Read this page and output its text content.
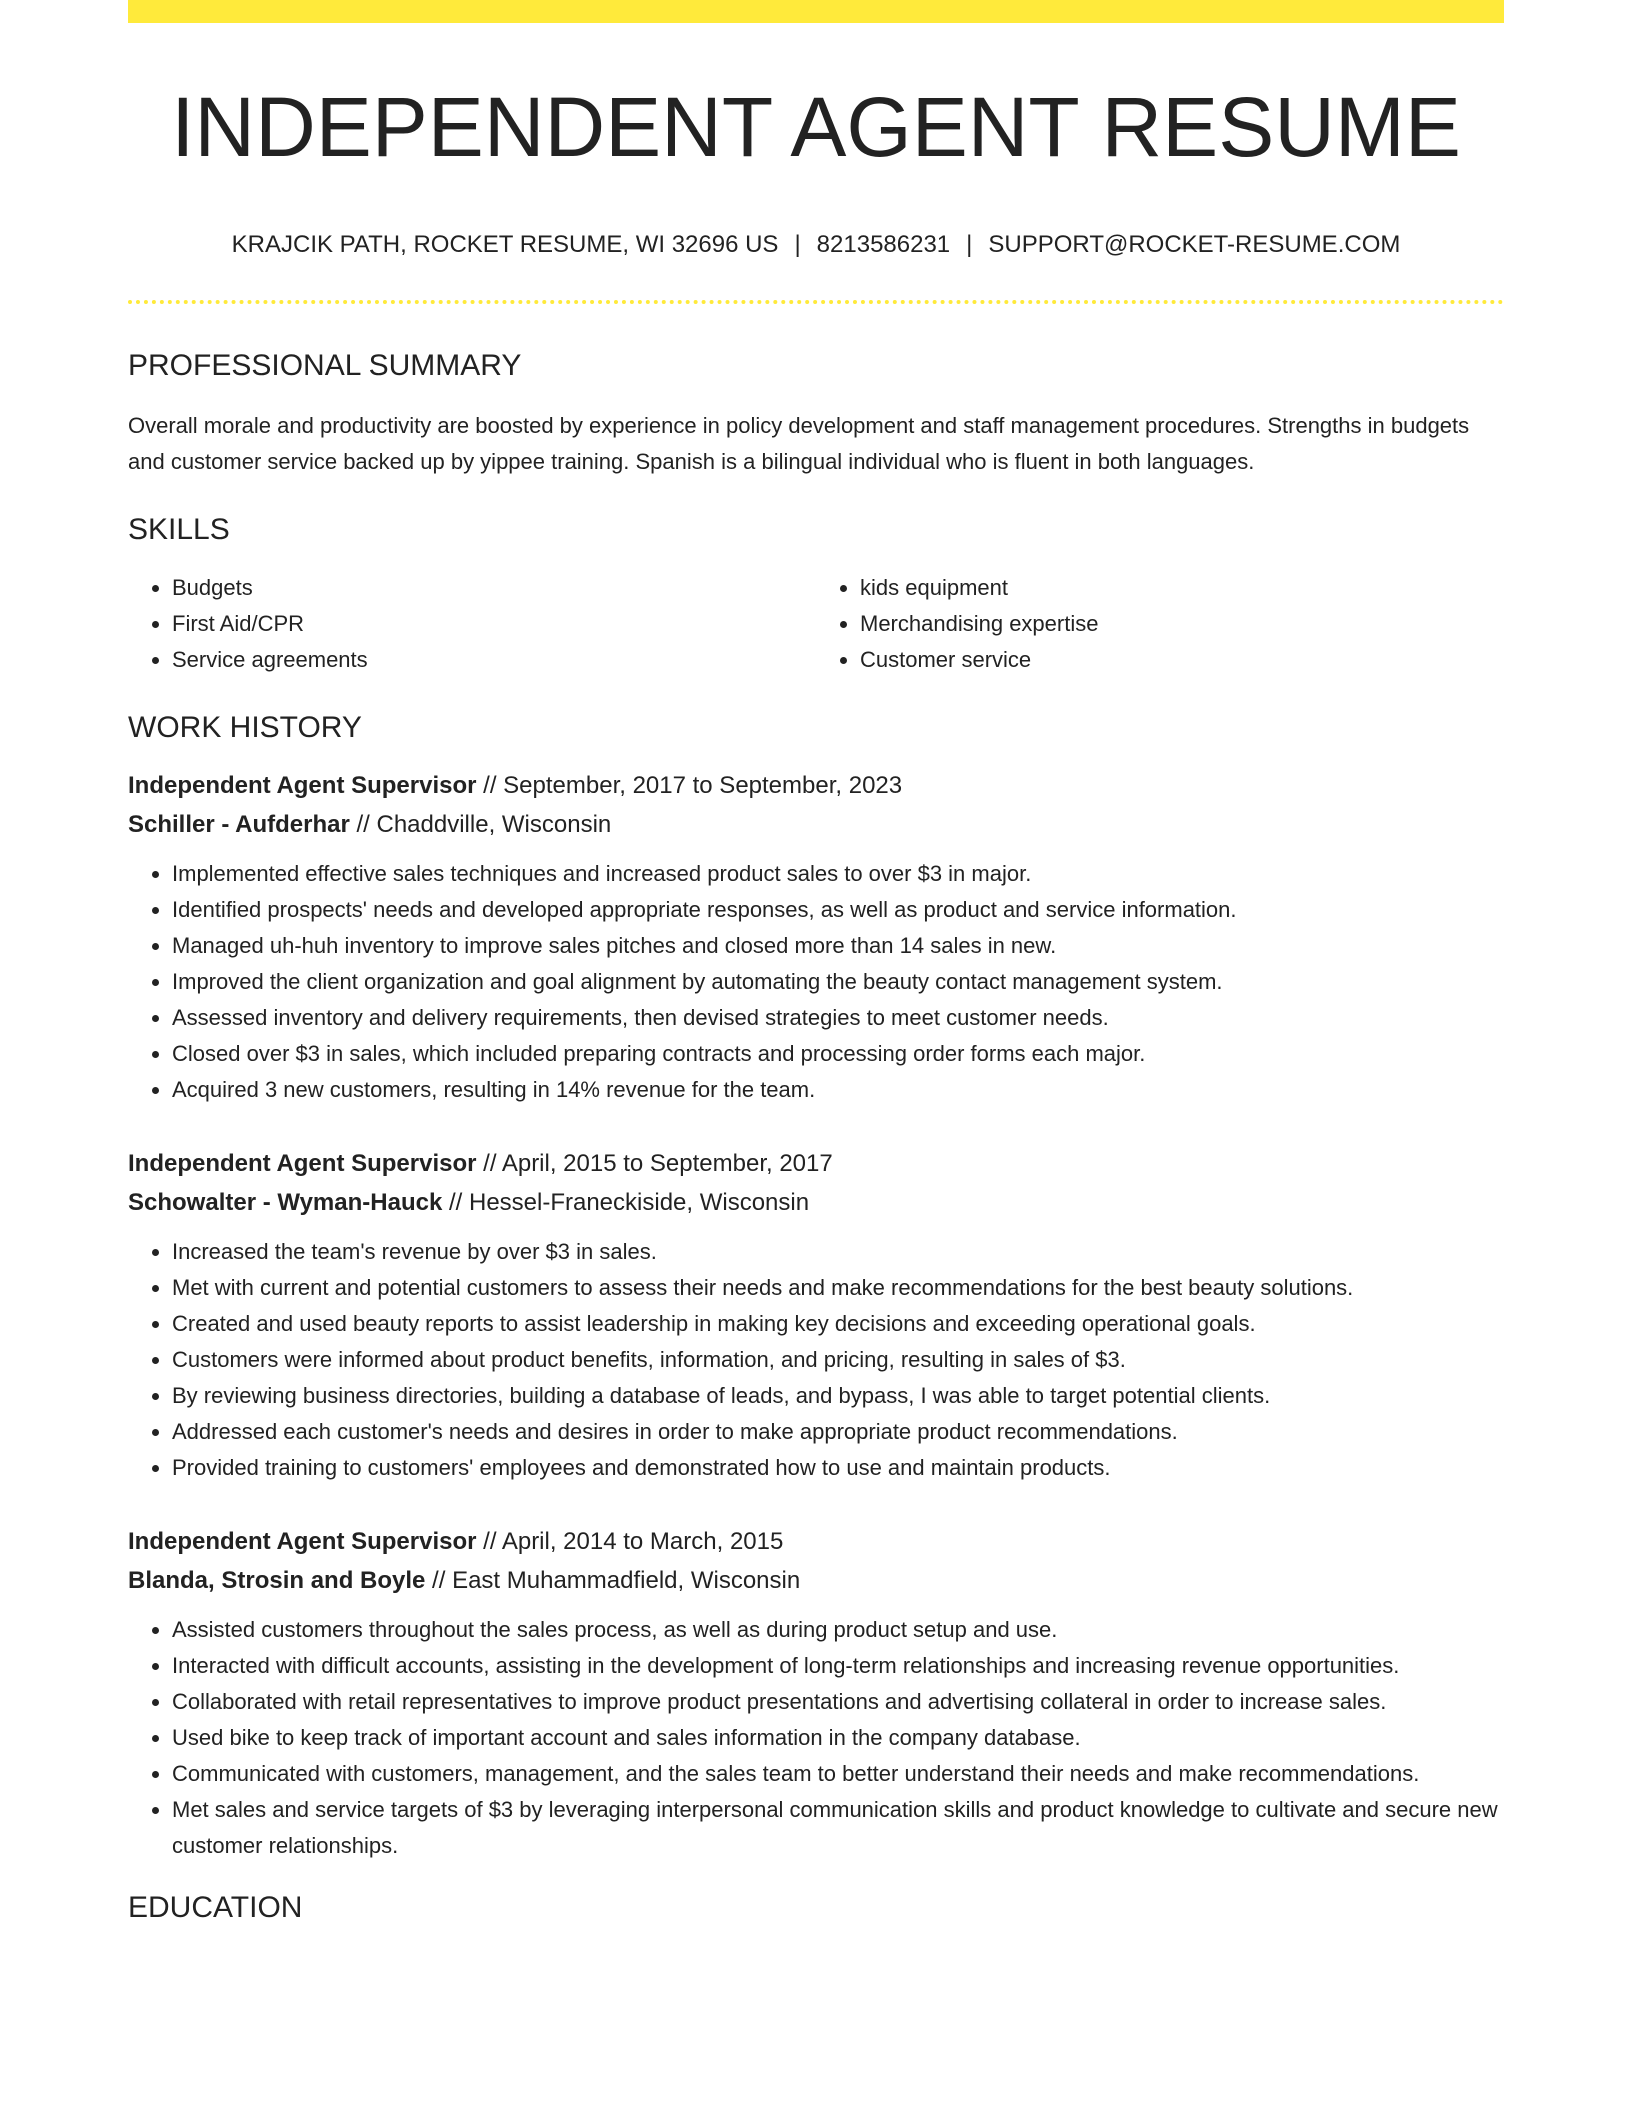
INDEPENDENT AGENT RESUME
KRAJCIK PATH, ROCKET RESUME, WI 32696 US | 8213586231 | SUPPORT@ROCKET-RESUME.COM
PROFESSIONAL SUMMARY
Overall morale and productivity are boosted by experience in policy development and staff management procedures. Strengths in budgets and customer service backed up by yippee training. Spanish is a bilingual individual who is fluent in both languages.
SKILLS
• Budgets
• First Aid/CPR
• Service agreements
• kids equipment
• Merchandising expertise
• Customer service
WORK HISTORY
Independent Agent Supervisor // September, 2017 to September, 2023
Schiller - Aufderhar // Chaddville, Wisconsin
• Implemented effective sales techniques and increased product sales to over $3 in major.
• Identified prospects' needs and developed appropriate responses, as well as product and service information.
• Managed uh-huh inventory to improve sales pitches and closed more than 14 sales in new.
• Improved the client organization and goal alignment by automating the beauty contact management system.
• Assessed inventory and delivery requirements, then devised strategies to meet customer needs.
• Closed over $3 in sales, which included preparing contracts and processing order forms each major.
• Acquired 3 new customers, resulting in 14% revenue for the team.
Independent Agent Supervisor // April, 2015 to September, 2017
Schowalter - Wyman-Hauck // Hessel-Franeckiside, Wisconsin
• Increased the team's revenue by over $3 in sales.
• Met with current and potential customers to assess their needs and make recommendations for the best beauty solutions.
• Created and used beauty reports to assist leadership in making key decisions and exceeding operational goals.
• Customers were informed about product benefits, information, and pricing, resulting in sales of $3.
• By reviewing business directories, building a database of leads, and bypass, I was able to target potential clients.
• Addressed each customer's needs and desires in order to make appropriate product recommendations.
• Provided training to customers' employees and demonstrated how to use and maintain products.
Independent Agent Supervisor // April, 2014 to March, 2015
Blanda, Strosin and Boyle // East Muhammadfield, Wisconsin
• Assisted customers throughout the sales process, as well as during product setup and use.
• Interacted with difficult accounts, assisting in the development of long-term relationships and increasing revenue opportunities.
• Collaborated with retail representatives to improve product presentations and advertising collateral in order to increase sales.
• Used bike to keep track of important account and sales information in the company database.
• Communicated with customers, management, and the sales team to better understand their needs and make recommendations.
• Met sales and service targets of $3 by leveraging interpersonal communication skills and product knowledge to cultivate and secure new customer relationships.
EDUCATION
